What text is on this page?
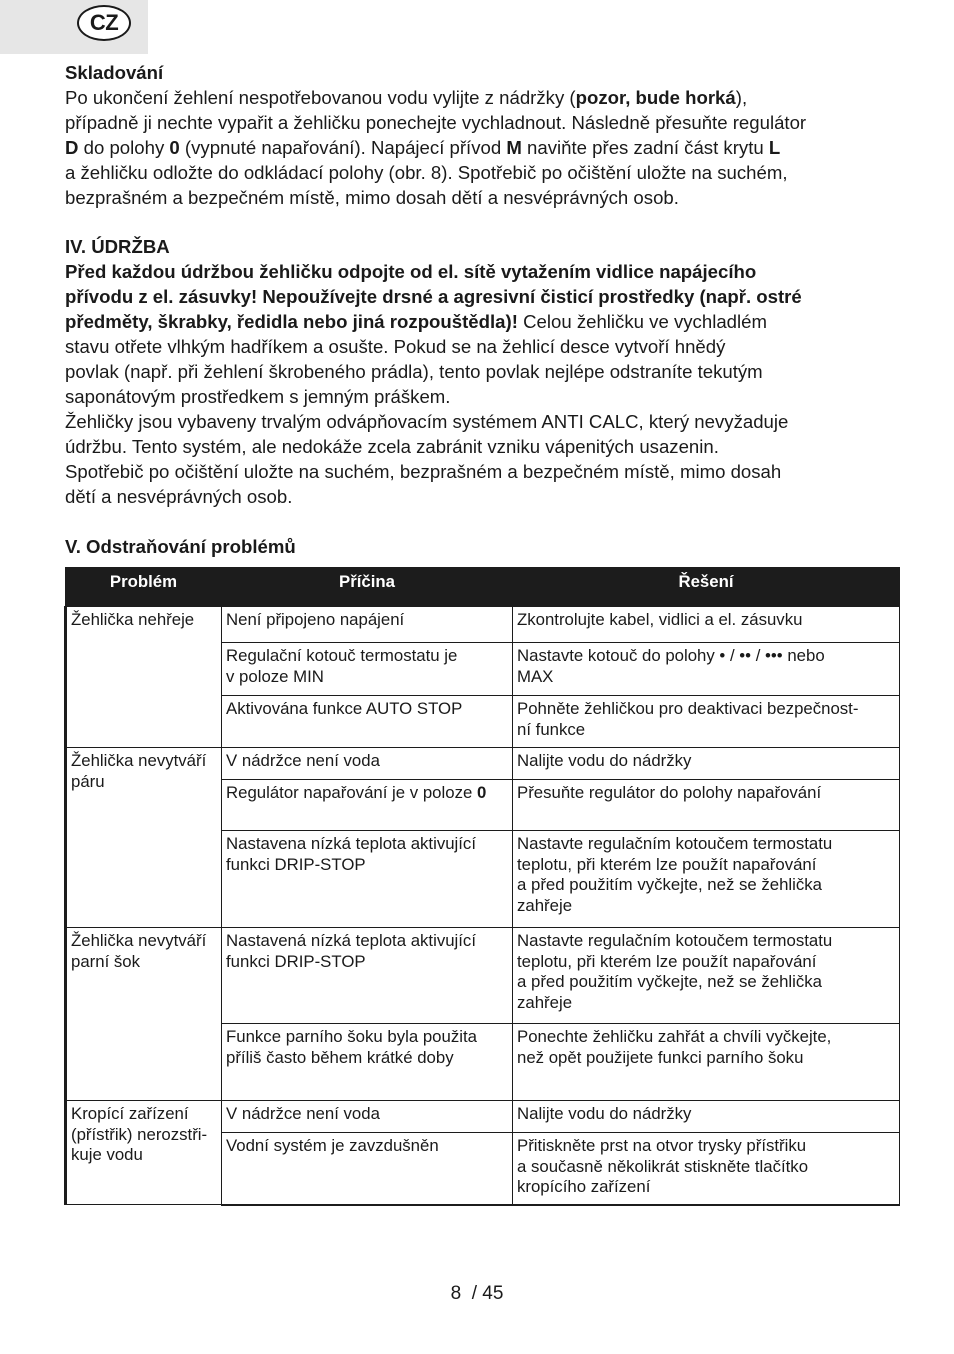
CZ

Skladování

Po ukončení žehlení nespotřebovanou vodu vylijte z nádržky (pozor, bude horká),

případně ji nechte vypařit a žehličku ponechejte vychladnout. Následně přesuňte regulátor

D do polohy 0 (vypnuté napařování). Napájecí přívod M naviňte přes zadní část krytu L

a žehličku odložte do odkládací polohy (obr. 8). Spotřebič po očištění uložte na suchém,

bezprašném a bezpečném místě, mimo dosah dětí a nesvéprávných osob.

IV. ÚDRŽBA

Před každou údržbou žehličku odpojte od el. sítě vytažením vidlice napájecího

přívodu z el. zásuvky! Nepoužívejte drsné a agresivní čisticí prostředky (např. ostré

předměty, škrabky, ředidla nebo jiná rozpouštědla)! Celou žehličku ve vychladlém

stavu otřete vlhkým hadříkem a osušte. Pokud se na žehlicí desce vytvoří hnědý

povlak (např. při žehlení škrobeného prádla), tento povlak nejlépe odstraníte tekutým

saponátovým prostředkem s jemným práškem.

Žehličky jsou vybaveny trvalým odvápňovacím systémem ANTI CALC, který nevyžaduje

údržbu. Tento systém, ale nedokáže zcela zabránit vzniku vápenitých usazenin.

Spotřebič po očištění uložte na suchém, bezprašném a bezpečném místě, mimo dosah

dětí a nesvéprávných osob.

V. Odstraňování problémů

Problém	Příčina	Řešení
Žehlička nehřeje	Není připojeno napájení	Zkontrolujte kabel, vidlici a el. zásuvku
	Regulační kotouč termostatu je
v poloze MIN	Nastavte kotouč do polohy • / •• / ••• nebo
MAX
	Aktivována funkce AUTO STOP	Pohněte žehličkou pro deaktivaci bezpečnost-
ní funkce
Žehlička nevytváří páru	V nádržce není voda	Nalijte vodu do nádržky
	Regulátor napařování je v poloze 0	Přesuňte regulátor do polohy napařování
	Nastavena nízká teplota aktivující
funkci DRIP-STOP	Nastavte regulačním kotoučem termostatu
teplotu, při kterém lze použít napařování
a před použitím vyčkejte, než se žehlička
zahřeje
Žehlička nevytváří parní šok	Nastavená nízká teplota aktivující
funkci DRIP-STOP	Nastavte regulačním kotoučem termostatu
teplotu, při kterém lze použít napařování
a před použitím vyčkejte, než se žehlička
zahřeje
	Funkce parního šoku byla použita
příliš často během krátké doby	Ponechte žehličku zahřát a chvíli vyčkejte,
než opět použijete funkci parního šoku
Kropící zařízení (přístřik) nerozstři-kuje vodu	V nádržce není voda	Nalijte vodu do nádržky
	Vodní systém je zavzdušněn	Přitiskněte prst na otvor trysky přístřiku
a současně několikrát stiskněte tlačítko
kropícího zařízení
8  / 45
